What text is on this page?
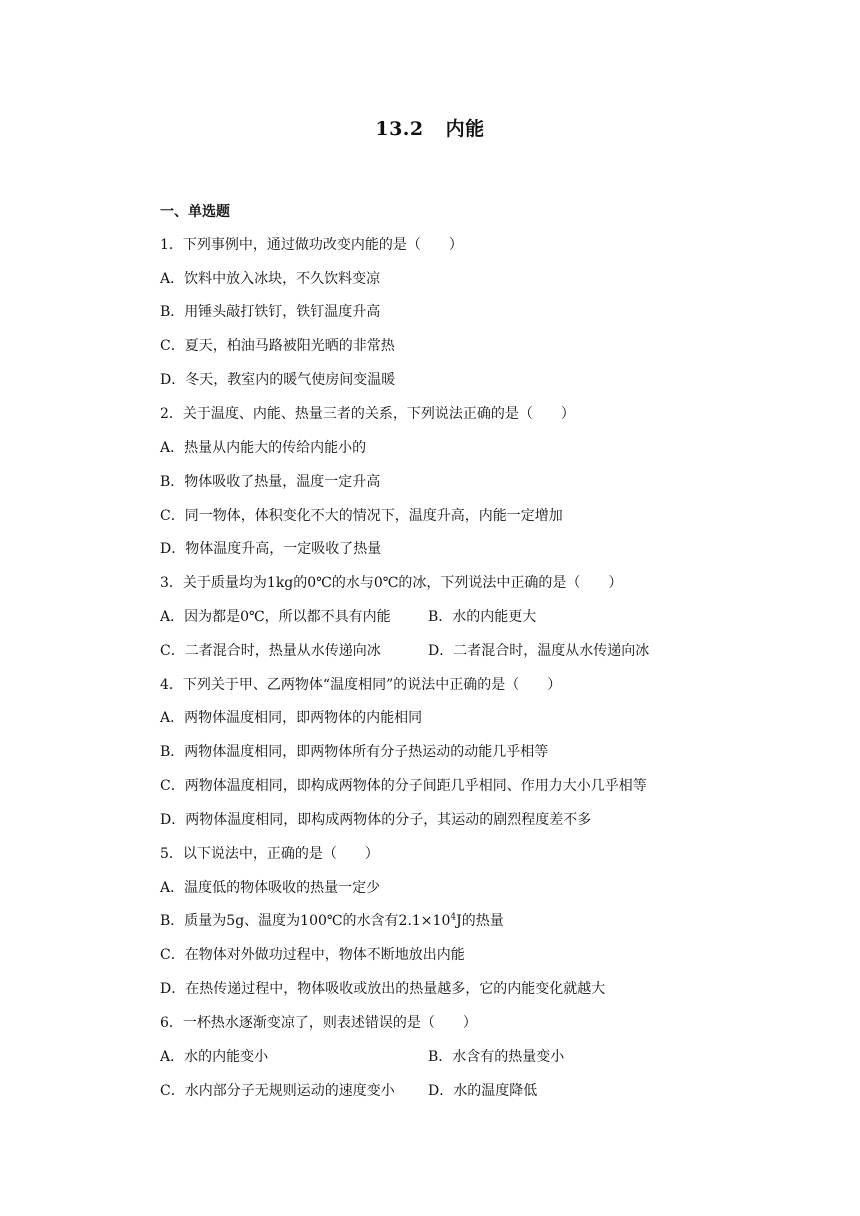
13.2 内能
一、单选题
1．下列事例中，通过做功改变内能的是（　　）
A．饮料中放入冰块，不久饮料变凉
B．用锤头敲打铁钉，铁钉温度升高
C．夏天，柏油马路被阳光晒的非常热
D．冬天，教室内的暖气使房间变温暖
2．关于温度、内能、热量三者的关系，下列说法正确的是（　　）
A．热量从内能大的传给内能小的
B．物体吸收了热量，温度一定升高
C．同一物体，体积变化不大的情况下，温度升高，内能一定增加
D．物体温度升高，一定吸收了热量
3．关于质量均为1kg的0℃的水与0℃的冰，下列说法中正确的是（　　）
A．因为都是0℃，所以都不具有内能	B．水的内能更大
C．二者混合时，热量从水传递向冰	D．二者混合时，温度从水传递向冰
4．下列关于甲、乙两物体“温度相同”的说法中正确的是（　　）
A．两物体温度相同，即两物体的内能相同
B．两物体温度相同，即两物体所有分子热运动的动能几乎相等
C．两物体温度相同，即构成两物体的分子间距几乎相同、作用力大小几乎相等
D．两物体温度相同，即构成两物体的分子，其运动的剧烈程度差不多
5．以下说法中，正确的是（　　）
A．温度低的物体吸收的热量一定少
B．质量为5g、温度为100℃的水含有$2.1\times 10^4J$的热量
C．在物体对外做功过程中，物体不断地放出内能
D．在热传递过程中，物体吸收或放出的热量越多，它的内能变化就越大
6．一杯热水逐渐变凉了，则表述错误的是（　　）
A．水的内能变小	B．水含有的热量变小
C．水内部分子无规则运动的速度变小 D．水的温度降低
